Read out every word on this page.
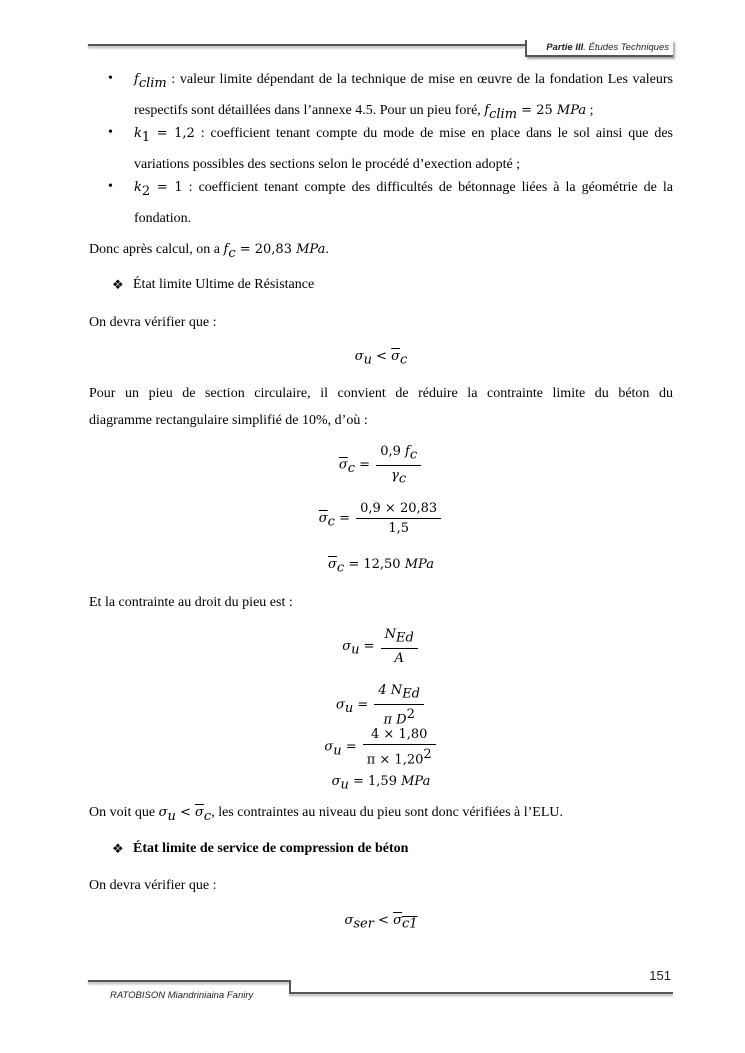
Partie III. Études Techniques
• $f_{clim}$ : valeur limite dépendant de la technique de mise en œuvre de la fondation Les valeurs
respectifs sont détaillées dans l’annexe 4.5. Pour un pieu foré, $f_{clim} = 25$ MPa ;
• $k_1 = 1,2$ : coefficient tenant compte du mode de mise en place dans le sol ainsi que des
variations possibles des sections selon le procédé d’exection adopté ;
• $k_2 = 1$ : coefficient tenant compte des difficultés de bétonnage liées à la géométrie de la
fondation.
Donc après calcul, on a $f_c = 20,83$ MPa.
❖ État limite Ultime de Résistance
On devra vérifier que :
$\sigma_u < \overline{\sigma}_c$
Pour un pieu de section circulaire, il convient de réduire la contrainte limite du béton du
diagramme rectangulaire simplifié de 10%, d’où :
$\overline{\sigma}_c = \frac{0,9 f_c}{\gamma_c}$
$\overline{\sigma}_c = \frac{0,9 \times 20,83}{1,5}$
$\overline{\sigma}_c = 12,50$ MPa
Et la contrainte au droit du pieu est :
$\sigma_u = \frac{N_{Ed}}{A}$
$\sigma_u = \frac{4 N_{Ed}}{\pi D^2}$
$\sigma_u = \frac{4 \times 1,80}{\pi \times 1,20^2}$
$\sigma_u = 1,59$ MPa
On voit que $\sigma_u < \overline{\sigma}_c$, les contraintes au niveau du pieu sont donc vérifiées à l’ELU.
❖ État limite de service de compression de béton
On devra vérifier que :
$\sigma_{ser} < \overline{\sigma}_{c1}$
151
RATOBISON Miandriniaina Faniry
